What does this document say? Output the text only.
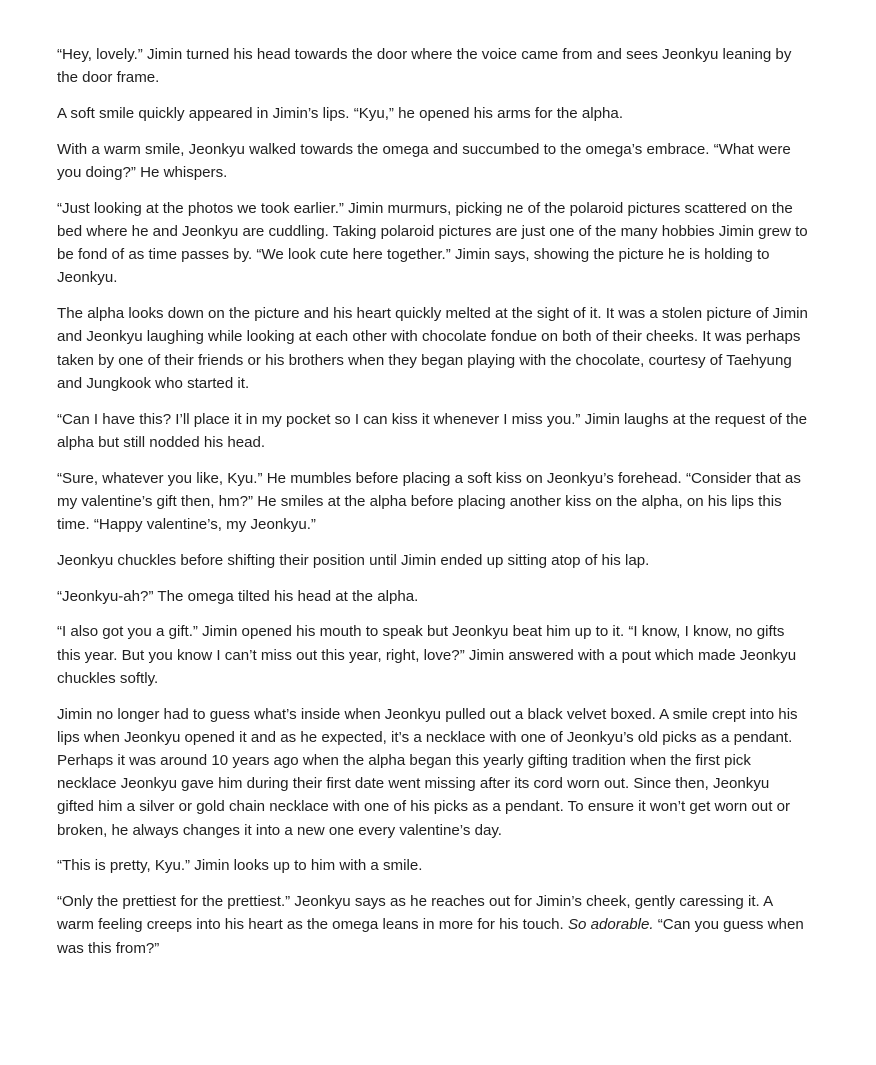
“Hey, lovely.” Jimin turned his head towards the door where the voice came from and sees Jeonkyu leaning by the door frame.

A soft smile quickly appeared in Jimin’s lips. “Kyu,” he opened his arms for the alpha.

With a warm smile, Jeonkyu walked towards the omega and succumbed to the omega’s embrace. “What were you doing?” He whispers.

“Just looking at the photos we took earlier.” Jimin murmurs, picking ne of the polaroid pictures scattered on the bed where he and Jeonkyu are cuddling. Taking polaroid pictures are just one of the many hobbies Jimin grew to be fond of as time passes by. “We look cute here together.” Jimin says, showing the picture he is holding to Jeonkyu.

The alpha looks down on the picture and his heart quickly melted at the sight of it. It was a stolen picture of Jimin and Jeonkyu laughing while looking at each other with chocolate fondue on both of their cheeks. It was perhaps taken by one of their friends or his brothers when they began playing with the chocolate, courtesy of Taehyung and Jungkook who started it.

“Can I have this? I’ll place it in my pocket so I can kiss it whenever I miss you.” Jimin laughs at the request of the alpha but still nodded his head.

“Sure, whatever you like, Kyu.” He mumbles before placing a soft kiss on Jeonkyu’s forehead. “Consider that as my valentine’s gift then, hm?” He smiles at the alpha before placing another kiss on the alpha, on his lips this time. “Happy valentine’s, my Jeonkyu.”

Jeonkyu chuckles before shifting their position until Jimin ended up sitting atop of his lap.

“Jeonkyu-ah?” The omega tilted his head at the alpha.

“I also got you a gift.” Jimin opened his mouth to speak but Jeonkyu beat him up to it. “I know, I know, no gifts this year. But you know I can’t miss out this year, right, love?” Jimin answered with a pout which made Jeonkyu chuckles softly.

Jimin no longer had to guess what’s inside when Jeonkyu pulled out a black velvet boxed. A smile crept into his lips when Jeonkyu opened it and as he expected, it’s a necklace with one of Jeonkyu’s old picks as a pendant. Perhaps it was around 10 years ago when the alpha began this yearly gifting tradition when the first pick necklace Jeonkyu gave him during their first date went missing after its cord worn out. Since then, Jeonkyu gifted him a silver or gold chain necklace with one of his picks as a pendant. To ensure it won’t get worn out or broken, he always changes it into a new one every valentine’s day.

“This is pretty, Kyu.” Jimin looks up to him with a smile.

“Only the prettiest for the prettiest.” Jeonkyu says as he reaches out for Jimin’s cheek, gently caressing it. A warm feeling creeps into his heart as the omega leans in more for his touch. So adorable. “Can you guess when was this from?”
